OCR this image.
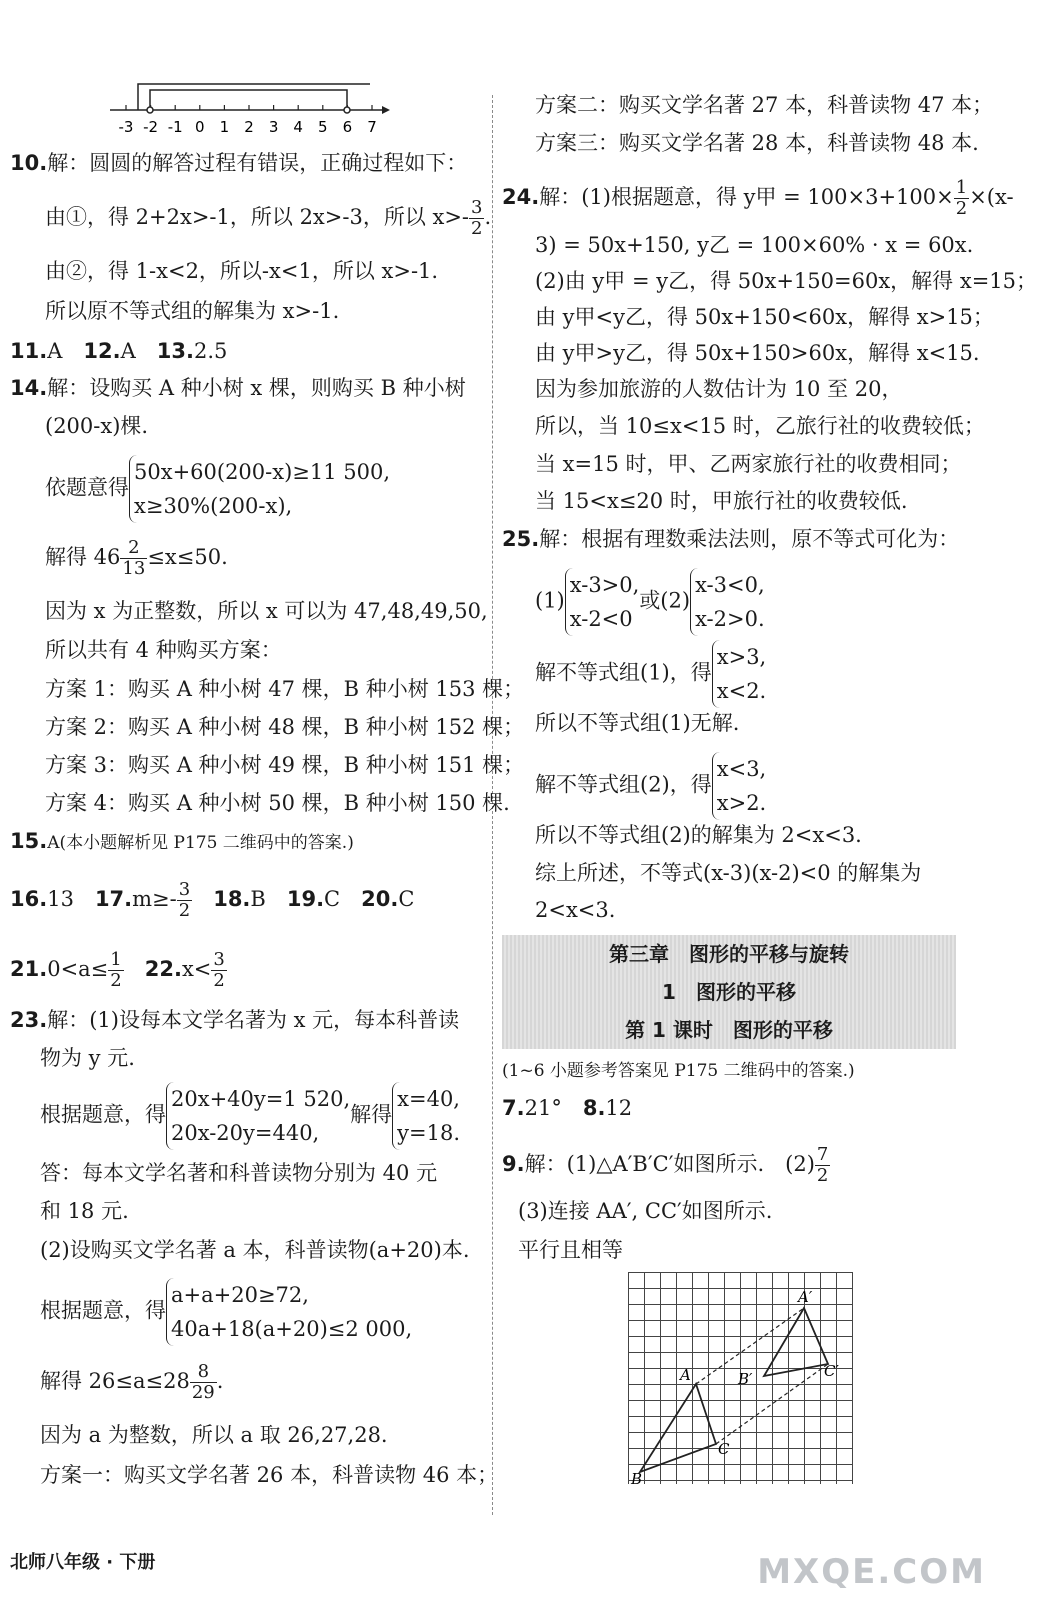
-3 -2 -1 0 1 2 3 4 5 6 7
10.解：圆圆的解答过程有错误，正确过程如下：
由①，得 2+2x>-1，所以 2x>-3，所以 $x>- \frac{3}{2}$ .
由②，得 1-x<2，所以-x<1，所以 x>-1.
所以原不等式组的解集为 x>-1.
11.A　 12.A　 13.2.5
14.解：设购买 A 种小树 x 棵，则购买 B 种小树
(200-x)棵.
依题意得
50x+60(200-x)≥11 500,
x≥30%(200-x),
解得 $46 \frac{2}{13} \le x\le 50$.
因为 x 为正整数，所以 x 可以为 47,48,49,50,
所以共有 4 种购买方案：
方案 1：购买 A 种小树 47 棵，B 种小树 153 棵；
方案 2：购买 A 种小树 48 棵，B 种小树 152 棵；
方案 3：购买 A 种小树 49 棵，B 种小树 151 棵；
方案 4：购买 A 种小树 50 棵，B 种小树 150 棵.
15.A(本小题解析见 P175 二维码中的答案.)
16.13　 $17.m\ge- \frac{3}{2}$
　 18.B　 19.C　 20.C
$21.0<a\le \frac{1}{2}$
　 $22.x< \frac{3}{2}$
23.解：(1)设每本文学名著为 x 元，每本科普读
物为 y 元.
根据题意，得
20x+40y=1 520,
20x-20y=440,
解得
x=40,
y=18.
答：每本文学名著和科普读物分别为 40 元
和 18 元.
(2)设购买文学名著 a 本，科普读物(a+20)本.
根据题意，得
a+a+20≥72,
40a+18(a+20)≤2 000,
解得 $26\le a\le 28 \frac{8}{29}$ .
因为 a 为整数，所以 a 取 26,27,28.
方案一：购买文学名著 26 本，科普读物 46 本；
方案二：购买文学名著 27 本，科普读物 47 本；
方案三：购买文学名著 28 本，科普读物 48 本.
24.解：(1)根据题意，得 y甲 = $100\times 3+100\times \frac{1}{2} \times(x-$
3) = 50x+150, y乙 = 100×60% · x = 60x.
(2)由 y甲 = y乙，得 50x+150=60x，解得 x=15；
由 y甲<y乙，得 50x+150<60x，解得 x>15；
由 y甲>y乙，得 50x+150>60x，解得 x<15.
因为参加旅游的人数估计为 10 至 20，
所以，当 10≤x<15 时，乙旅行社的收费较低；
当 x=15 时，甲、乙两家旅行社的收费相同；
当 15<x≤20 时，甲旅行社的收费较低.
25.解：根据有理数乘法法则，原不等式可化为：
(1)
x-3>0,
x-2<0
或(2)
x-3<0,
x-2>0.
解不等式组(1)，得
x>3,
x<2.
所以不等式组(1)无解.
解不等式组(2)，得
x<3,
x>2.
所以不等式组(2)的解集为 2<x<3.
综上所述，不等式(x-3)(x-2)<0 的解集为
2<x<3.
第三章　图形的平移与旋转
1　图形的平移
第 1 课时　图形的平移
(1~6 小题参考答案见 P175 二维码中的答案.)
7.21°　 8.12
9.解：(1)△A′B′C′如图所示.　$(2) \frac{7}{2}$
(3)连接 AA′, CC′如图所示.
平行且相等
A
B
C
A′
B′	C′
北师八年级 · 下册	MXQE.COM
